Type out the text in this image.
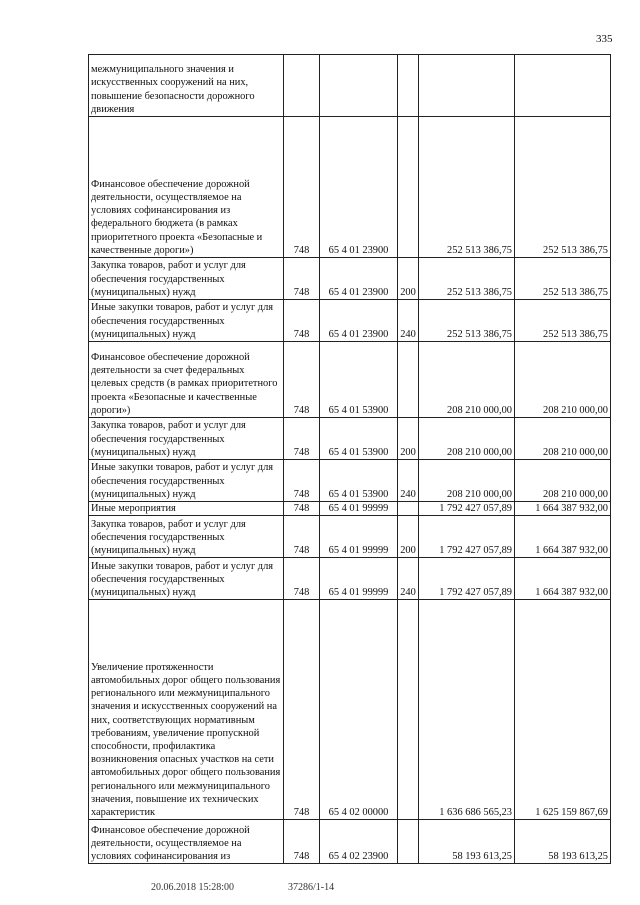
335
межмуниципального значения и искусственных сооружений на них, повышение безопасности дорожного движения					
Финансовое обеспечение дорожной деятельности, осуществляемое на условиях софинансирования из федерального бюджета (в рамках приоритетного проекта «Безопасные и качественные дороги»)	748	65 4 01 23900		252 513 386,75	252 513 386,75
Закупка товаров, работ и услуг для обеспечения государственных (муниципальных) нужд	748	65 4 01 23900	200	252 513 386,75	252 513 386,75
Иные закупки товаров, работ и услуг для обеспечения государственных (муниципальных) нужд	748	65 4 01 23900	240	252 513 386,75	252 513 386,75
Финансовое обеспечение дорожной деятельности за счет федеральных целевых средств (в рамках приоритетного проекта «Безопасные и качественные дороги»)	748	65 4 01 53900		208 210 000,00	208 210 000,00
Закупка товаров, работ и услуг для обеспечения государственных (муниципальных) нужд	748	65 4 01 53900	200	208 210 000,00	208 210 000,00
Иные закупки товаров, работ и услуг для обеспечения государственных (муниципальных) нужд	748	65 4 01 53900	240	208 210 000,00	208 210 000,00
Иные мероприятия	748	65 4 01 99999		1 792 427 057,89	1 664 387 932,00
Закупка товаров, работ и услуг для обеспечения государственных (муниципальных) нужд	748	65 4 01 99999	200	1 792 427 057,89	1 664 387 932,00
Иные закупки товаров, работ и услуг для обеспечения государственных (муниципальных) нужд	748	65 4 01 99999	240	1 792 427 057,89	1 664 387 932,00
Увеличение протяженности автомобильных дорог общего пользования регионального или межмуниципального значения и искусственных сооружений на них, соответствующих нормативным требованиям, увеличение пропускной способности, профилактика возникновения опасных участков на сети автомобильных дорог общего пользования регионального или межмуниципального значения, повышение их технических характеристик	748	65 4 02 00000		1 636 686 565,23	1 625 159 867,69
Финансовое обеспечение дорожной деятельности, осуществляемое на условиях софинансирования из	748	65 4 02 23900		58 193 613,25	58 193 613,25
20.06.2018 15:28:00	37286/1-14
